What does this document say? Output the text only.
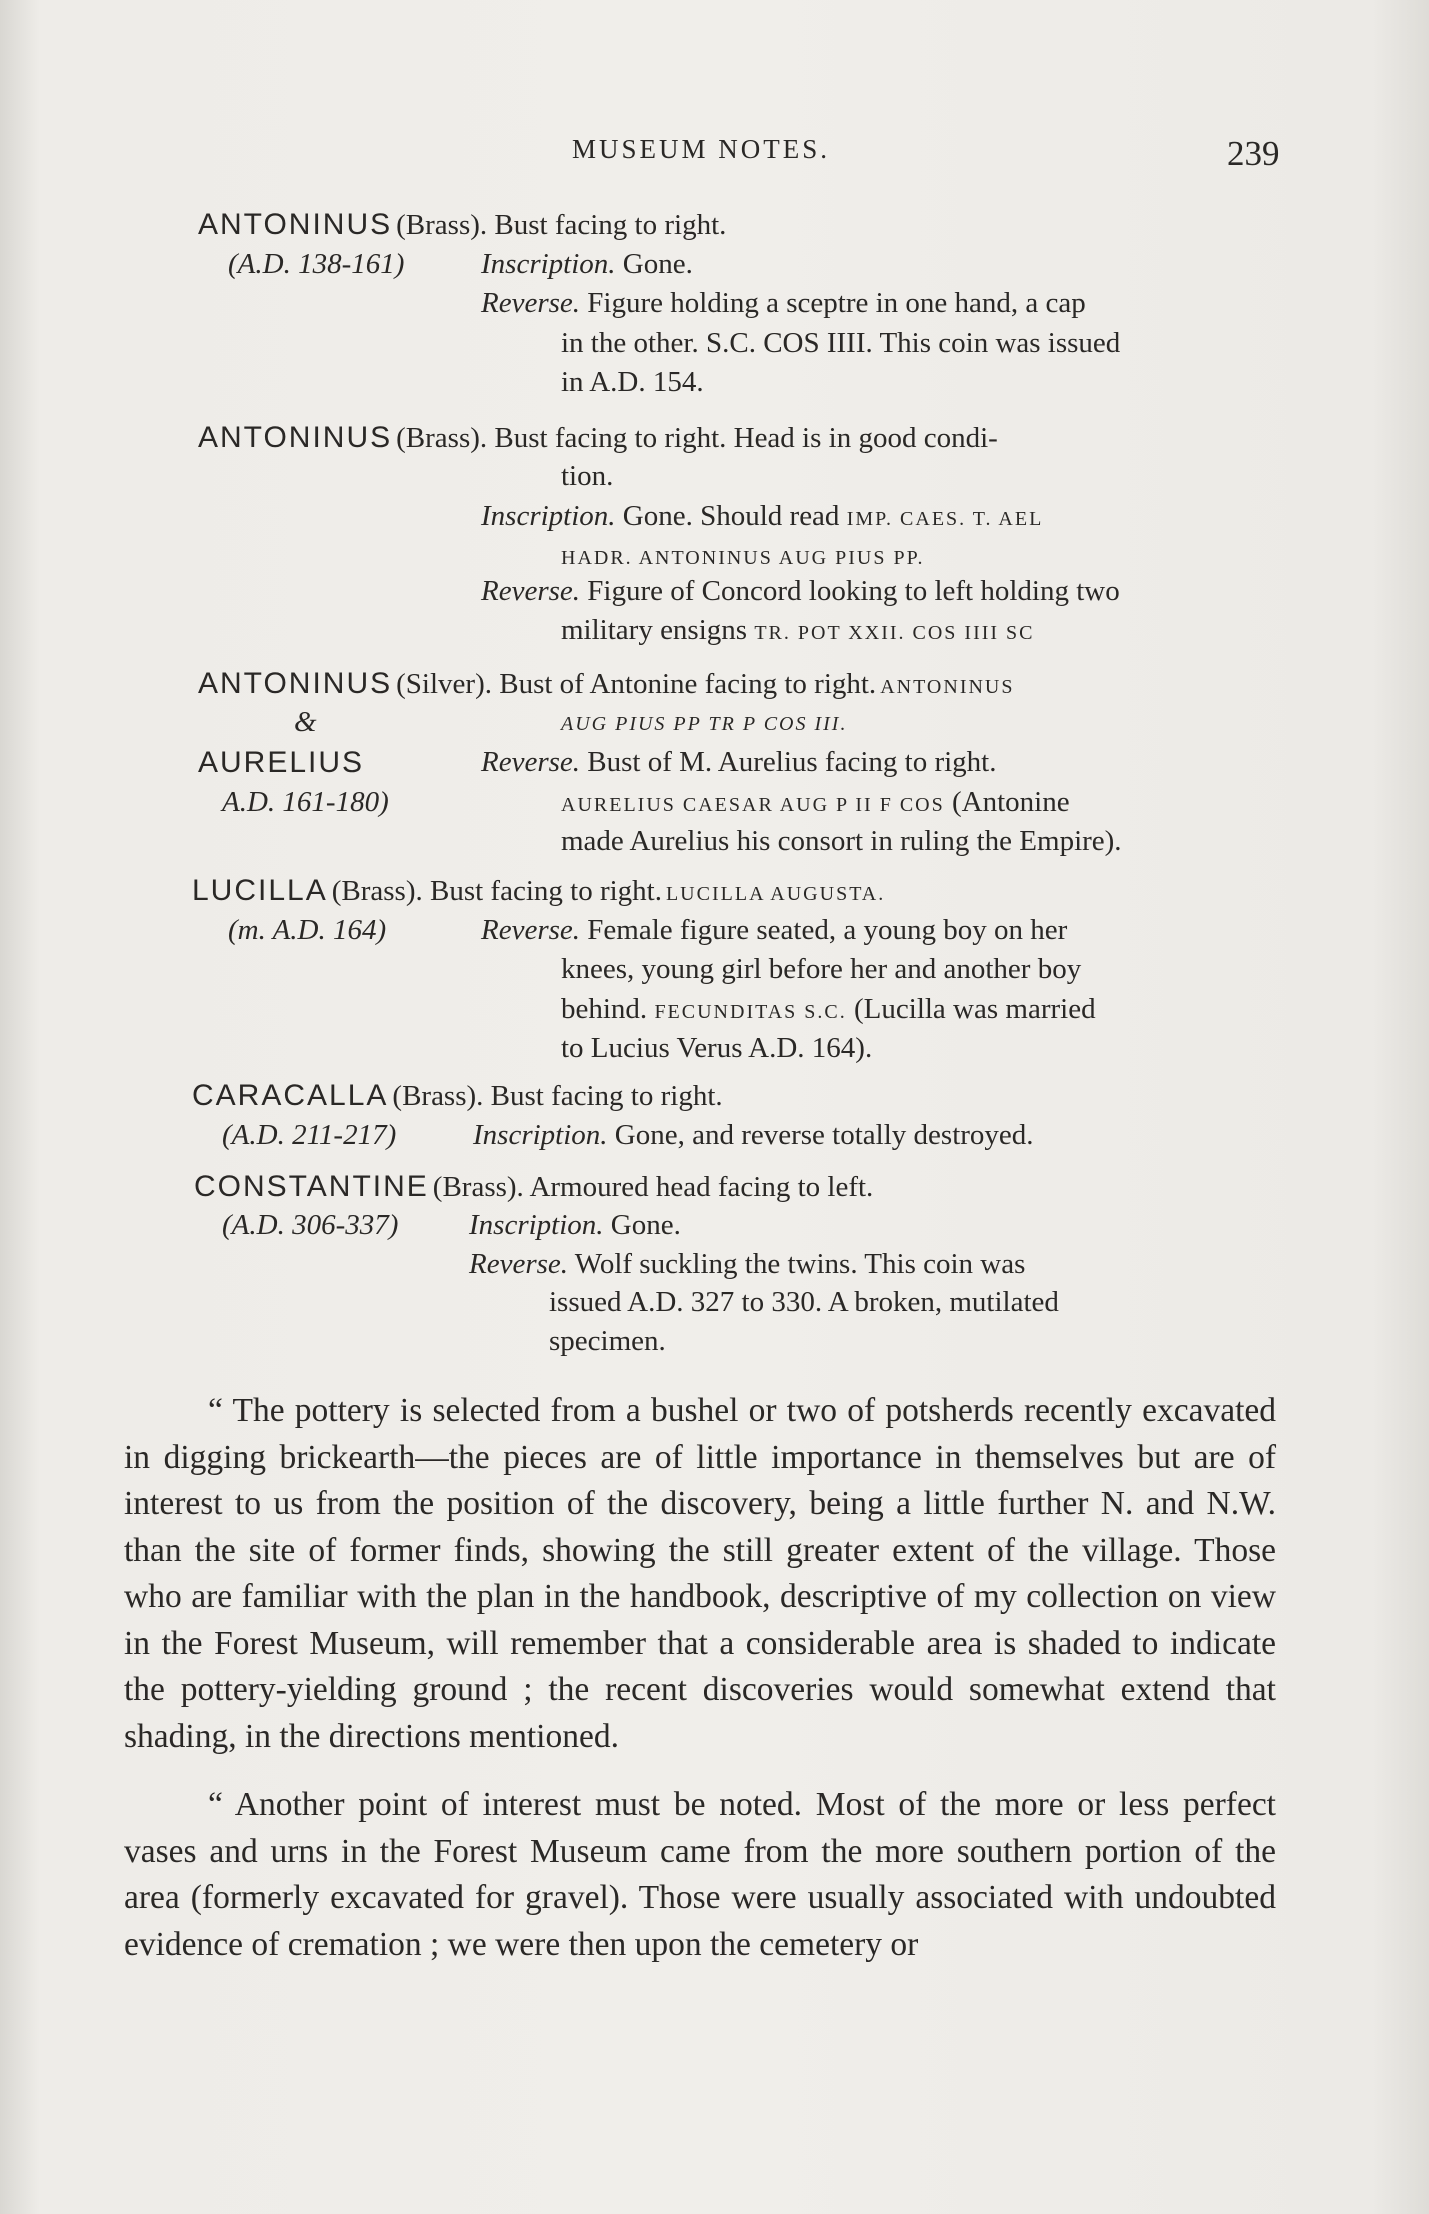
MUSEUM NOTES.	239
ANTONINUS (Brass). Bust facing to right.
(A.D. 138-161)	Inscription. Gone.
Reverse. Figure holding a sceptre in one hand, a cap
in the other. S.C. COS IIII. This coin was issued
in A.D. 154.
ANTONINUS (Brass). Bust facing to right. Head is in good condi-
tion.
Inscription. Gone. Should read IMP. CAES. T. AEL
HADR. ANTONINUS AUG PIUS PP.
Reverse. Figure of Concord looking to left holding two
military ensigns TR. POT XXII. COS IIII SC
ANTONINUS (Silver). Bust of Antonine facing to right. ANTONINUS
&	AUG PIUS PP TR P COS III.
AURELIUS	Reverse. Bust of M. Aurelius facing to right.
A.D. 161-180)	AURELIUS CAESAR AUG P II F COS (Antonine
made Aurelius his consort in ruling the Empire).
LUCILLA (Brass). Bust facing to right. LUCILLA AUGUSTA.
(m. A.D. 164)	Reverse. Female figure seated, a young boy on her
knees, young girl before her and another boy
behind. FECUNDITAS S.C. (Lucilla was married
to Lucius Verus A.D. 164).
CARACALLA (Brass). Bust facing to right.
(A.D. 211-217)	Inscription. Gone, and reverse totally destroyed.
CONSTANTINE (Brass). Armoured head facing to left.
(A.D. 306-337) Inscription. Gone.
Reverse. Wolf suckling the twins. This coin was
issued A.D. 327 to 330. A broken, mutilated
specimen.

“ The pottery is selected from a bushel or two of potsherds recently excavated in digging brickearth—the pieces are of little importance in themselves but are of interest to us from the position of the discovery, being a little further N. and N.W. than the site of former finds, showing the still greater extent of the village. Those who are familiar with the plan in the handbook, descriptive of my collection on view in the Forest Museum, will remember that a considerable area is shaded to indicate the pottery-yielding ground ; the recent discoveries would somewhat extend that shading, in the directions mentioned.

“ Another point of interest must be noted. Most of the more or less perfect vases and urns in the Forest Museum came from the more southern portion of the area (formerly excavated for gravel). Those were usually associated with undoubted evidence of cremation ; we were then upon the cemetery or
